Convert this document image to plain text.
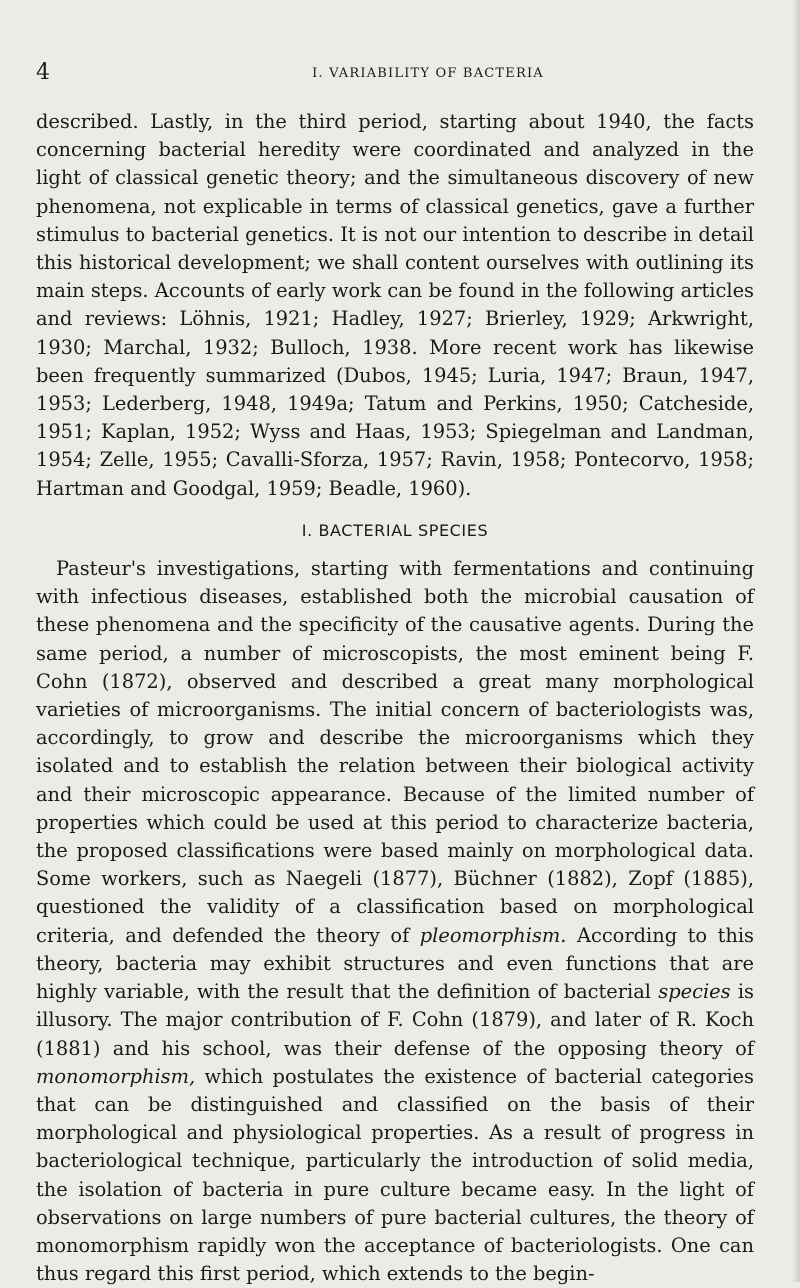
4	I. VARIABILITY OF BACTERIA

described. Lastly, in the third period, starting about 1940, the facts concerning bacterial heredity were coordinated and analyzed in the light of classical genetic theory; and the simultaneous discovery of new phenomena, not explicable in terms of classical genetics, gave a further stimulus to bacterial genetics. It is not our intention to describe in detail this historical development; we shall content ourselves with outlining its main steps. Accounts of early work can be found in the following articles and reviews: Löhnis, 1921; Hadley, 1927; Brierley, 1929; Arkwright, 1930; Marchal, 1932; Bulloch, 1938. More recent work has likewise been frequently summarized (Dubos, 1945; Luria, 1947; Braun, 1947, 1953; Lederberg, 1948, 1949a; Tatum and Perkins, 1950; Catcheside, 1951; Kaplan, 1952; Wyss and Haas, 1953; Spiegelman and Landman, 1954; Zelle, 1955; Cavalli-Sforza, 1957; Ravin, 1958; Pontecorvo, 1958; Hartman and Goodgal, 1959; Beadle, 1960).

I. BACTERIAL SPECIES

Pasteur's investigations, starting with fermentations and continuing with infectious diseases, established both the microbial causation of these phenomena and the specificity of the causative agents. During the same period, a number of microscopists, the most eminent being F. Cohn (1872), observed and described a great many morphological varieties of microorganisms. The initial concern of bacteriologists was, accordingly, to grow and describe the microorganisms which they isolated and to establish the relation between their biological activity and their microscopic appearance. Because of the limited number of properties which could be used at this period to characterize bacteria, the proposed classifications were based mainly on morphological data. Some workers, such as Naegeli (1877), Büchner (1882), Zopf (1885), questioned the validity of a classification based on morphological criteria, and defended the theory of pleomorphism. According to this theory, bacteria may exhibit structures and even functions that are highly variable, with the result that the definition of bacterial species is illusory. The major contribution of F. Cohn (1879), and later of R. Koch (1881) and his school, was their defense of the opposing theory of monomorphism, which postulates the existence of bacterial categories that can be distinguished and classified on the basis of their morphological and physiological properties. As a result of progress in bacteriological technique, particularly the introduction of solid media, the isolation of bacteria in pure culture became easy. In the light of observations on large numbers of pure bacterial cultures, the theory of monomorphism rapidly won the acceptance of bacteriologists. One can thus regard this first period, which extends to the begin-
